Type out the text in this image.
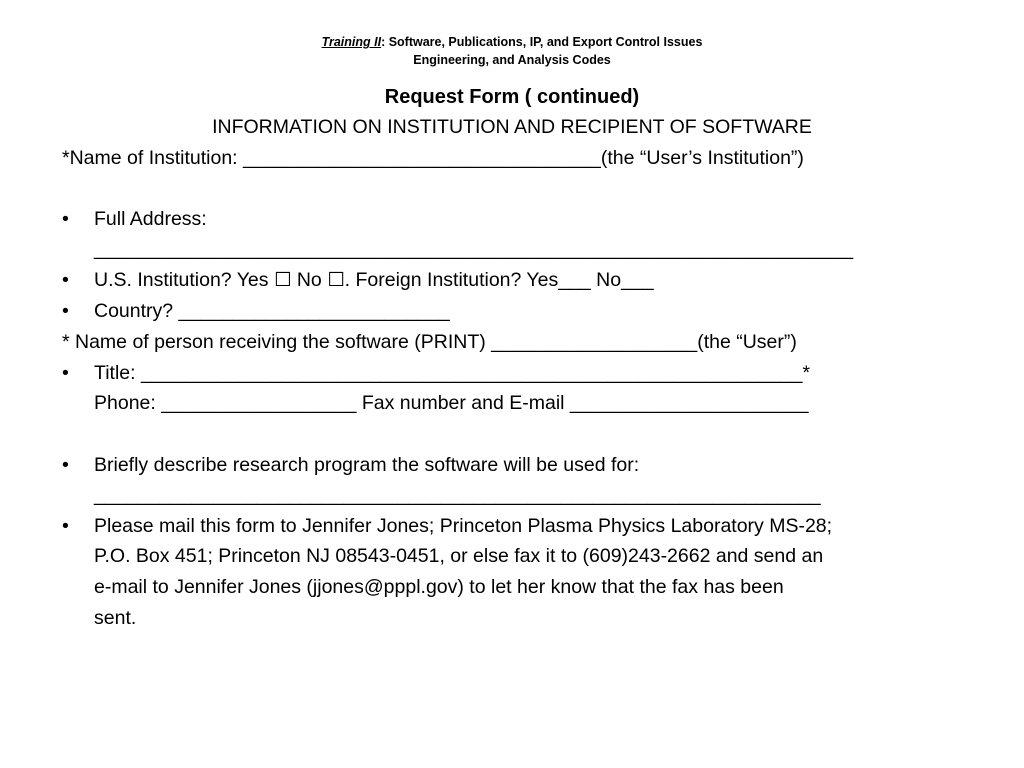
Training II: Software, Publications, IP, and Export Control Issues
Engineering, and Analysis Codes
Request Form ( continued)
INFORMATION ON INSTITUTION AND RECIPIENT OF SOFTWARE
*Name of Institution: _________________________________(the “User’s Institution”)
• Full Address:
______________________________________________________________________
• U.S. Institution? Yes ☐ No ☐. Foreign Institution? Yes___ No___
• Country? _________________________
* Name of person receiving the software (PRINT) ___________________(the “User”)
• Title: _____________________________________________________________*
Phone: __________________ Fax number and E-mail ______________________
• Briefly describe research program the software will be used for:
___________________________________________________________________
• Please mail this form to Jennifer Jones; Princeton Plasma Physics Laboratory MS-28;
P.O. Box 451; Princeton NJ 08543-0451, or else fax it to (609)243-2662 and send an
e-mail to Jennifer Jones (jjones@pppl.gov) to let her know that the fax has been
sent.
